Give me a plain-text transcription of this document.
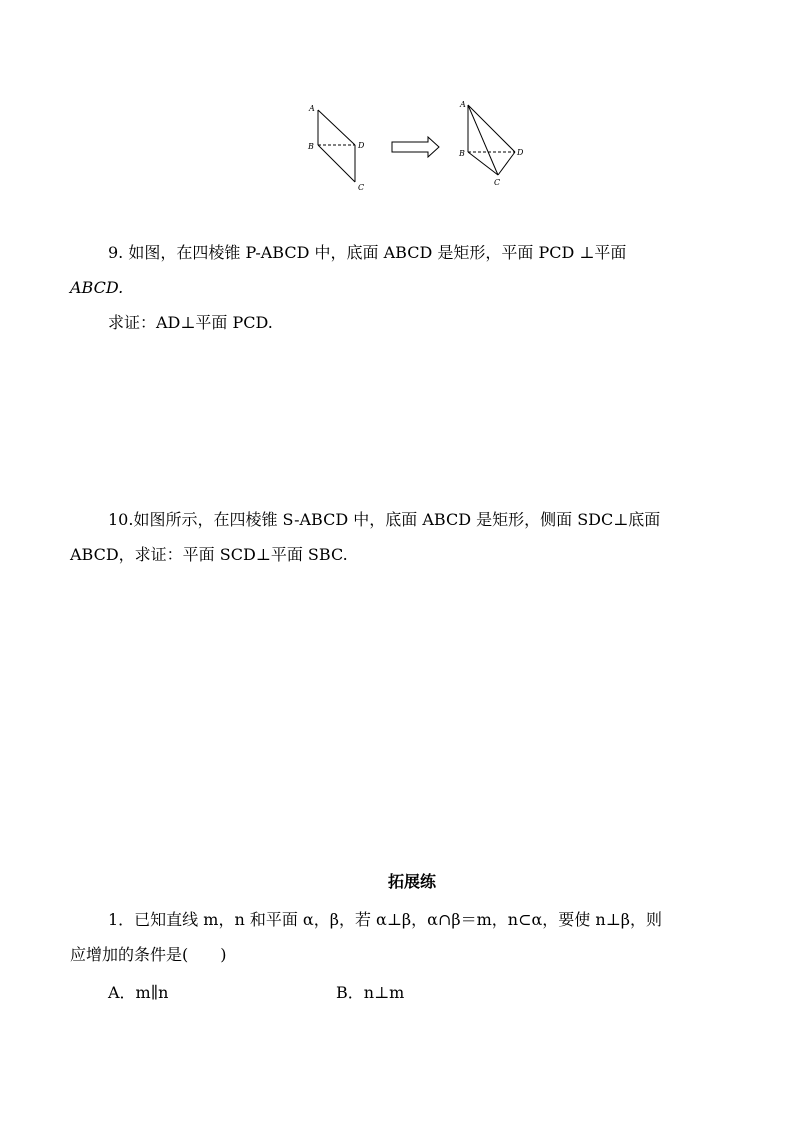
A
B	D
C
A
B	D
C
9. 如图，在四棱锥 P-ABCD 中，底面 ABCD 是矩形，平面 PCD ⊥平面
ABCD.
求证：AD⊥平面 PCD.
10.如图所示，在四棱锥 S-ABCD 中，底面 ABCD 是矩形，侧面 SDC⊥底面
ABCD，求证：平面 SCD⊥平面 SBC.
拓展练
1．已知直线 m，n 和平面 α，β，若 α⊥β，α∩β＝m，n⊂α，要使 n⊥β，则
应增加的条件是(　　)
A．m∥n	B．n⊥m
